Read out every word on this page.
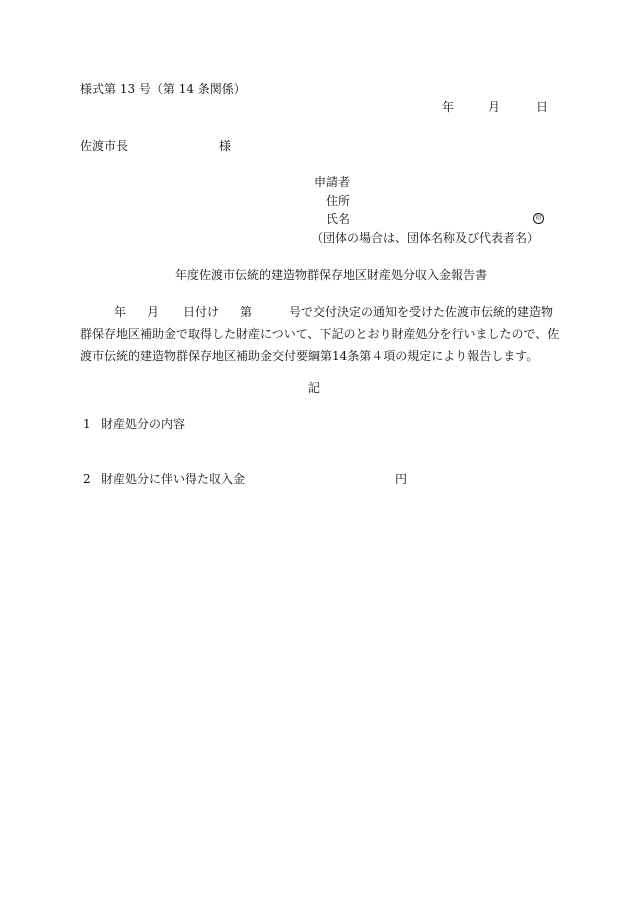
様式第 13 号（第 14 条関係）
年	月	日
佐渡市長	様
申請者
住所
氏名	印
（団体の場合は、団体名称及び代表者名）
年度佐渡市伝統的建造物群保存地区財産処分収入金報告書
年 月 日付け 第	号で交付決定の通知を受けた佐渡市伝統的建造物
群保存地区補助金で取得した財産について、下記のとおり財産処分を行いましたので、佐
渡市伝統的建造物群保存地区補助金交付要綱第14条第４項の規定により報告します。
記
1 財産処分の内容
2 財産処分に伴い得た収入金	円
